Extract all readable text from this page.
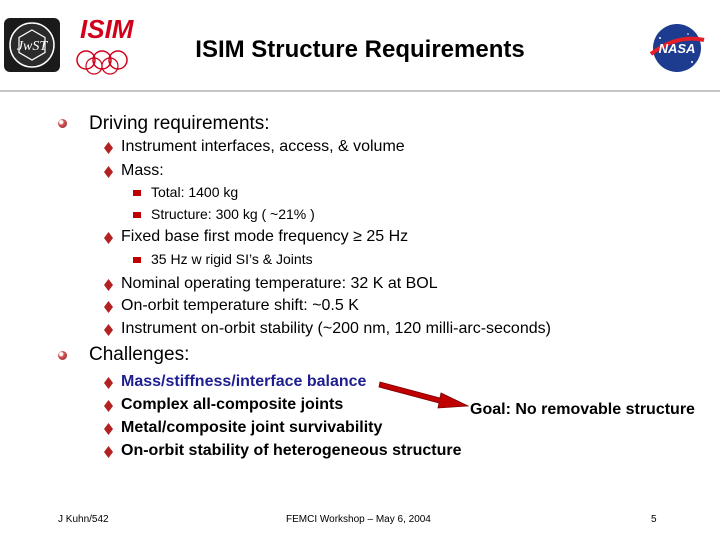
JwST
ISIM
ISIM Structure Requirements	NASA
Driving requirements:
Instrument interfaces, access, & volume
Mass:
Total: 1400 kg
Structure: 300 kg ( ~21% )
Fixed base first mode frequency ≥ 25 Hz
35 Hz w rigid SI’s & Joints
Nominal operating temperature: 32 K at BOL
On-orbit temperature shift: ~0.5 K
Instrument on-orbit stability (~200 nm, 120 milli-arc-seconds)
Challenges:
Mass/stiffness/interface balance
Complex all-composite joints
Metal/composite joint survivability
On-orbit stability of heterogeneous structure
Goal: No removable structure
J Kuhn/542	FEMCI Workshop – May 6, 2004	5
